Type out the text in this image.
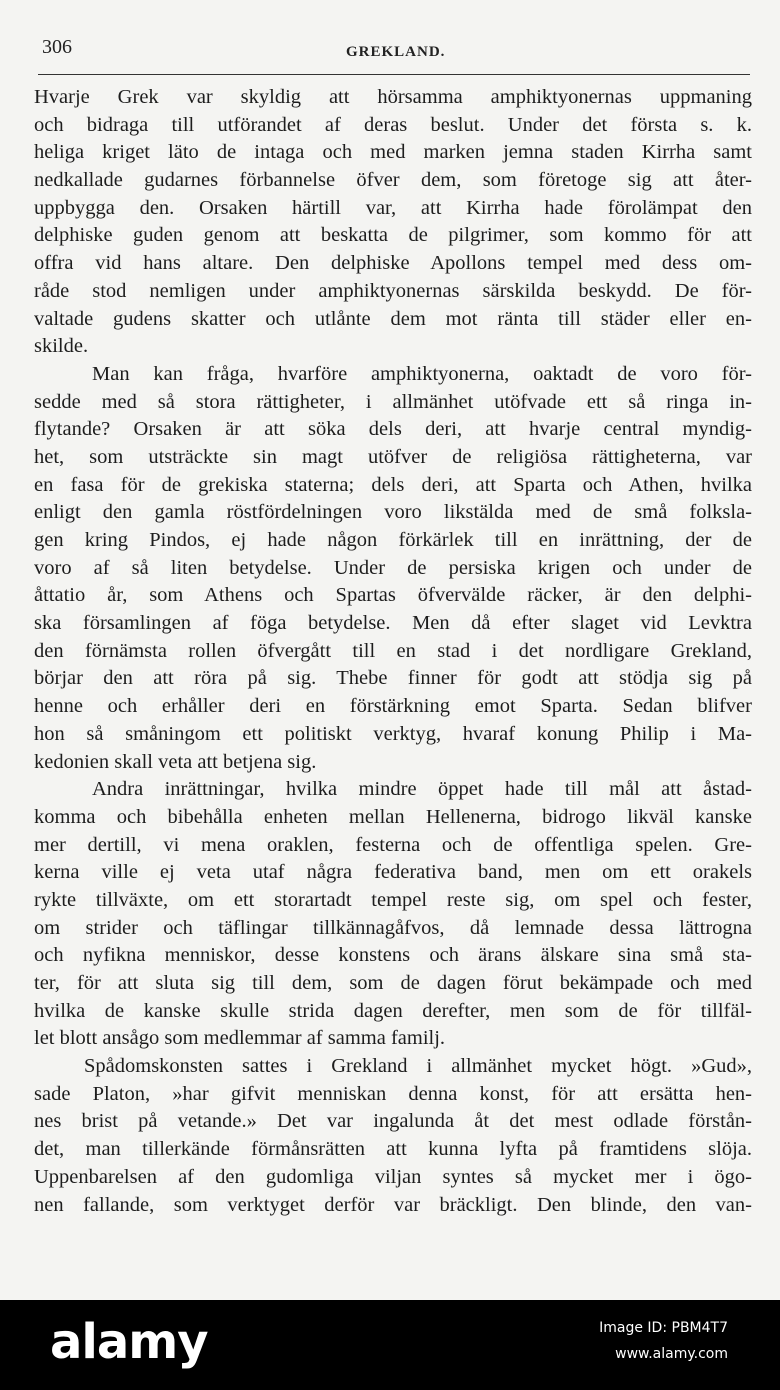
306	GREKLAND.
Hvarje Grek var skyldig att hörsamma amphiktyonernas uppmaning
och bidraga till utförandet af deras beslut. Under det första s. k.
heliga kriget läto de intaga och med marken jemna staden Kirrha samt
nedkallade gudarnes förbannelse öfver dem, som företoge sig att åter-
uppbygga den. Orsaken härtill var, att Kirrha hade förolämpat den
delphiske guden genom att beskatta de pilgrimer, som kommo för att
offra vid hans altare. Den delphiske Apollons tempel med dess om-
råde stod nemligen under amphiktyonernas särskilda beskydd. De för-
valtade gudens skatter och utlånte dem mot ränta till städer eller en-
skilde.
Man kan fråga, hvarföre amphiktyonerna, oaktadt de voro för-
sedde med så stora rättigheter, i allmänhet utöfvade ett så ringa in-
flytande? Orsaken är att söka dels deri, att hvarje central myndig-
het, som utsträckte sin magt utöfver de religiösa rättigheterna, var
en fasa för de grekiska staterna; dels deri, att Sparta och Athen, hvilka
enligt den gamla röstfördelningen voro likstälda med de små folksla-
gen kring Pindos, ej hade någon förkärlek till en inrättning, der de
voro af så liten betydelse. Under de persiska krigen och under de
åttatio år, som Athens och Spartas öfvervälde räcker, är den delphi-
ska församlingen af föga betydelse. Men då efter slaget vid Levktra
den förnämsta rollen öfvergått till en stad i det nordligare Grekland,
börjar den att röra på sig. Thebe finner för godt att stödja sig på
henne och erhåller deri en förstärkning emot Sparta. Sedan blifver
hon så småningom ett politiskt verktyg, hvaraf konung Philip i Ma-
kedonien skall veta att betjena sig.
Andra inrättningar, hvilka mindre öppet hade till mål att åstad-
komma och bibehålla enheten mellan Hellenerna, bidrogo likväl kanske
mer dertill, vi mena oraklen, festerna och de offentliga spelen. Gre-
kerna ville ej veta utaf några federativa band, men om ett orakels
rykte tillväxte, om ett storartadt tempel reste sig, om spel och fester,
om strider och täflingar tillkännagåfvos, då lemnade dessa lättrogna
och nyfikna menniskor, desse konstens och ärans älskare sina små sta-
ter, för att sluta sig till dem, som de dagen förut bekämpade och med
hvilka de kanske skulle strida dagen derefter, men som de för tillfäl-
let blott ansågo som medlemmar af samma familj.
Spådomskonsten sattes i Grekland i allmänhet mycket högt. »Gud»,
sade Platon, »har gifvit menniskan denna konst, för att ersätta hen-
nes brist på vetande.» Det var ingalunda åt det mest odlade förstån-
det, man tillerkände förmånsrätten att kunna lyfta på framtidens slöja.
Uppenbarelsen af den gudomliga viljan syntes så mycket mer i ögo-
nen fallande, som verktyget derför var bräckligt. Den blinde, den van-
alamy	Image ID: PBM4T7
www.alamy.com
